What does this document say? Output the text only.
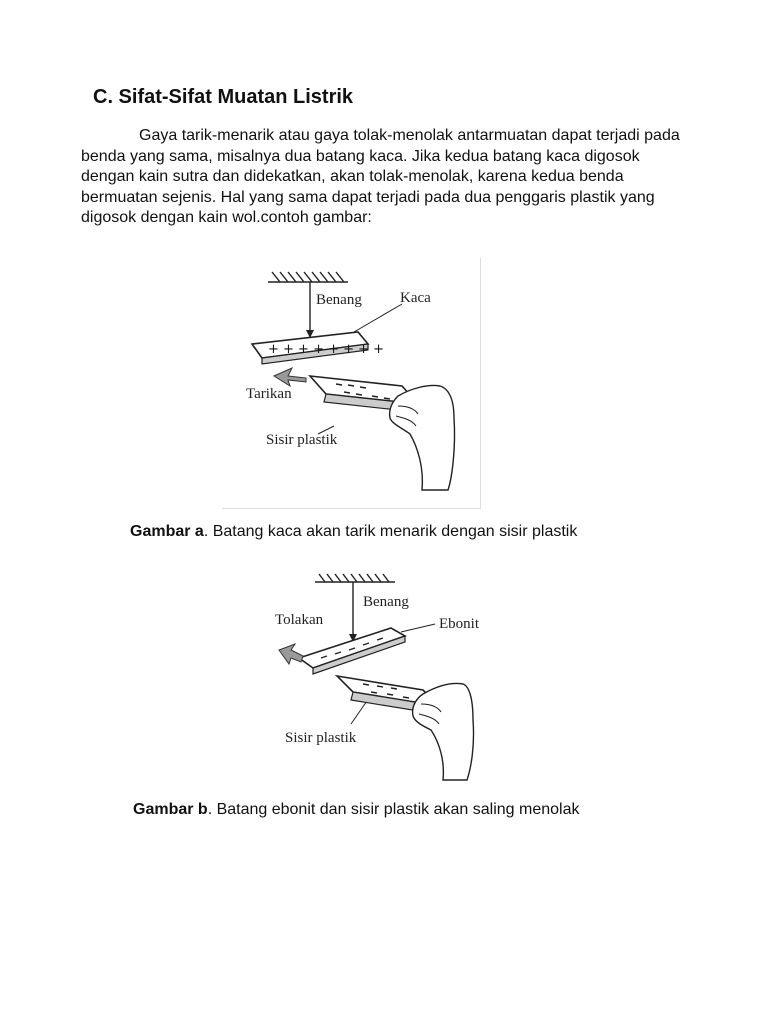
C. Sifat-Sifat Muatan Listrik

Gaya tarik-menarik atau gaya tolak-menolak antarmuatan dapat terjadi pada benda yang sama, misalnya dua batang kaca. Jika kedua batang kaca digosok dengan kain sutra dan didekatkan, akan tolak-menolak, karena kedua benda bermuatan sejenis. Hal yang sama dapat terjadi pada dua penggaris plastik yang digosok dengan kain wol.contoh gambar:

+ + + + + + + +
Benang	Kaca
Tarikan
Sisir plastik

Gambar a. Batang kaca akan tarik menarik dengan sisir plastik

Tolakan
Benang
Ebonit
Sisir plastik

Gambar b. Batang ebonit dan sisir plastik akan saling menolak
